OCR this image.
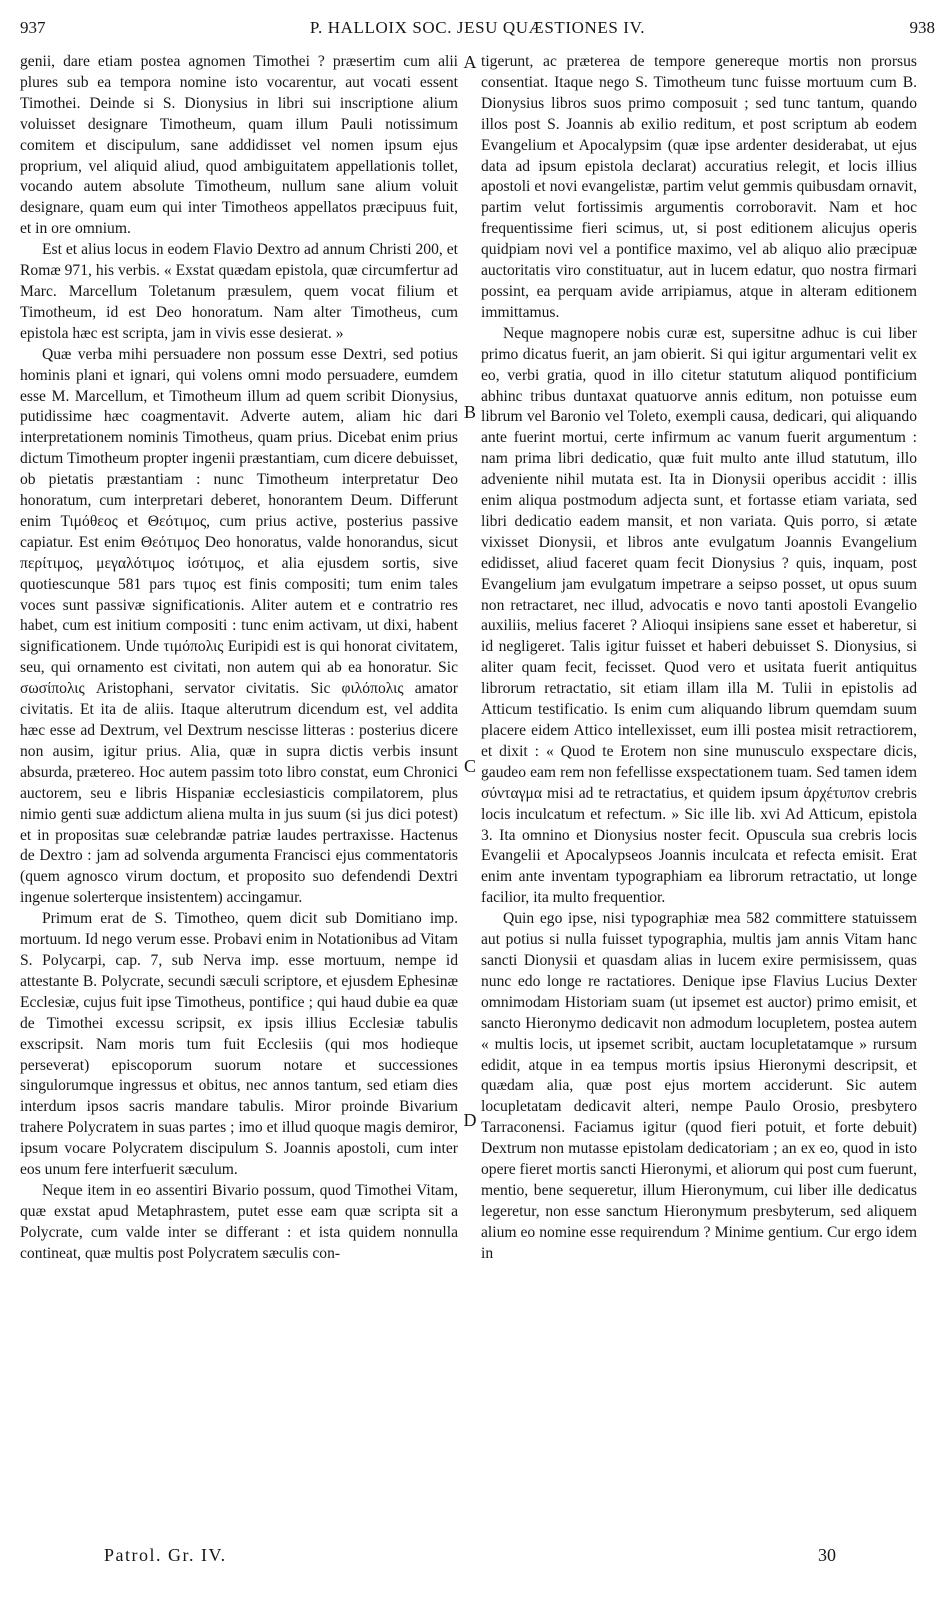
937	P. HALLOIX SOC. JESU QUÆSTIONES IV.	938

genii, dare etiam postea agnomen Timothei ? præsertim cum alii plures sub ea tempora nomine isto vocarentur, aut vocati essent Timothei. Deinde si S. Dionysius in libri sui inscriptione alium voluisset designare Timotheum, quam illum Pauli notissimum comitem et discipulum, sane addidisset vel nomen ipsum ejus proprium, vel aliquid aliud, quod ambiguitatem appellationis tollet, vocando autem absolute Timotheum, nullum sane alium voluit designare, quam eum qui inter Timotheos appellatos præcipuus fuit, et in ore omnium.

Est et alius locus in eodem Flavio Dextro ad annum Christi 200, et Romæ 971, his verbis. « Exstat quædam epistola, quæ circumfertur ad Marc. Marcellum Toletanum præsulem, quem vocat filium et Timotheum, id est Deo honoratum. Nam alter Timotheus, cum epistola hæc est scripta, jam in vivis esse desierat. »

Quæ verba mihi persuadere non possum esse Dextri, sed potius hominis plani et ignari, qui volens omni modo persuadere, eumdem esse M. Marcellum, et Timotheum illum ad quem scribit Dionysius, putidissime hæc coagmentavit. Adverte autem, aliam hic dari interpretationem nominis Timotheus, quam prius. Dicebat enim prius dictum Timotheum propter ingenii præstantiam, cum dicere debuisset, ob pietatis præstantiam : nunc Timotheum interpretatur Deo honoratum, cum interpretari deberet, honorantem Deum. Differunt enim Τιμόθεος et Θεότιμος, cum prius active, posterius passive capiatur. Est enim Θεότιμος Deo honoratus, valde honorandus, sicut περίτιμος, μεγαλότιμος ἰσότιμος, et alia ejusdem sortis, sive quotiescunque 581 pars τιμος est finis compositi; tum enim tales voces sunt passivæ significationis. Aliter autem et e contratrio res habet, cum est initium compositi : tunc enim activam, ut dixi, habent significationem. Unde τιμόπολις Euripidi est is qui honorat civitatem, seu, qui ornamento est civitati, non autem qui ab ea honoratur. Sic σωσίπολις Aristophani, servator civitatis. Sic φιλόπολις amator civitatis. Et ita de aliis. Itaque alterutrum dicendum est, vel addita hæc esse ad Dextrum, vel Dextrum nescisse litteras : posterius dicere non ausim, igitur prius. Alia, quæ in supra dictis verbis insunt absurda, prætereo. Hoc autem passim toto libro constat, eum Chronici auctorem, seu e libris Hispaniæ ecclesiasticis compilatorem, plus nimio genti suæ addictum aliena multa in jus suum (si jus dici potest) et in propositas suæ celebrandæ patriæ laudes pertraxisse. Hactenus de Dextro : jam ad solvenda argumenta Francisci ejus commentatoris (quem agnosco virum doctum, et proposito suo defendendi Dextri ingenue solerterque insistentem) accingamur.

Primum erat de S. Timotheo, quem dicit sub Domitiano imp. mortuum. Id nego verum esse. Probavi enim in Notationibus ad Vitam S. Polycarpi, cap. 7, sub Nerva imp. esse mortuum, nempe id attestante B. Polycrate, secundi sæculi scriptore, et ejusdem Ephesinæ Ecclesiæ, cujus fuit ipse Timotheus, pontifice ; qui haud dubie ea quæ de Timothei excessu scripsit, ex ipsis illius Ecclesiæ tabulis exscripsit. Nam moris tum fuit Ecclesiis (qui mos hodieque perseverat) episcoporum suorum notare et successiones singulorumque ingressus et obitus, nec annos tantum, sed etiam dies interdum ipsos sacris mandare tabulis. Miror proinde Bivarium trahere Polycratem in suas partes ; imo et illud quoque magis demiror, ipsum vocare Polycratem discipulum S. Joannis apostoli, cum inter eos unum fere interfuerit sæculum.

Neque item in eo assentiri Bivario possum, quod Timothei Vitam, quæ exstat apud Metaphrastem, putet esse eam quæ scripta sit a Polycrate, cum valde inter se differant : et ista quidem nonnulla contineat, quæ multis post Polycratem sæculis con-

A
B
C
D

tigerunt, ac præterea de tempore genereque mortis non prorsus consentiat. Itaque nego S. Timotheum tunc fuisse mortuum cum B. Dionysius libros suos primo composuit ; sed tunc tantum, quando illos post S. Joannis ab exilio reditum, et post scriptum ab eodem Evangelium et Apocalypsim (quæ ipse ardenter desiderabat, ut ejus data ad ipsum epistola declarat) accuratius relegit, et locis illius apostoli et novi evangelistæ, partim velut gemmis quibusdam ornavit, partim velut fortissimis argumentis corroboravit. Nam et hoc frequentissime fieri scimus, ut, si post editionem alicujus operis quidpiam novi vel a pontifice maximo, vel ab aliquo alio præcipuæ auctoritatis viro constituatur, aut in lucem edatur, quo nostra firmari possint, ea perquam avide arripiamus, atque in alteram editionem immittamus.

Neque magnopere nobis curæ est, supersitne adhuc is cui liber primo dicatus fuerit, an jam obierit. Si qui igitur argumentari velit ex eo, verbi gratia, quod in illo citetur statutum aliquod pontificium abhinc tribus duntaxat quatuorve annis editum, non potuisse eum librum vel Baronio vel Toleto, exempli causa, dedicari, qui aliquando ante fuerint mortui, certe infirmum ac vanum fuerit argumentum : nam prima libri dedicatio, quæ fuit multo ante illud statutum, illo adveniente nihil mutata est. Ita in Dionysii operibus accidit : illis enim aliqua postmodum adjecta sunt, et fortasse etiam variata, sed libri dedicatio eadem mansit, et non variata. Quis porro, si ætate vixisset Dionysii, et libros ante evulgatum Joannis Evangelium edidisset, aliud faceret quam fecit Dionysius ? quis, inquam, post Evangelium jam evulgatum impetrare a seipso posset, ut opus suum non retractaret, nec illud, advocatis e novo tanti apostoli Evangelio auxiliis, melius faceret ? Alioqui insipiens sane esset et haberetur, si id negligeret. Talis igitur fuisset et haberi debuisset S. Dionysius, si aliter quam fecit, fecisset. Quod vero et usitata fuerit antiquitus librorum retractatio, sit etiam illam illa M. Tulii in epistolis ad Atticum testificatio. Is enim cum aliquando librum quemdam suum placere eidem Attico intellexisset, eum illi postea misit retractiorem, et dixit : « Quod te Erotem non sine munusculo exspectare dicis, gaudeo eam rem non fefellisse exspectationem tuam. Sed tamen idem σύνταγμα misi ad te retractatius, et quidem ipsum ἀρχέτυπον crebris locis inculcatum et refectum. » Sic ille lib. xvi Ad Atticum, epistola 3. Ita omnino et Dionysius noster fecit. Opuscula sua crebris locis Evangelii et Apocalypseos Joannis inculcata et refecta emisit. Erat enim ante inventam typographiam ea librorum retractatio, ut longe facilior, ita multo frequentior.

Quin ego ipse, nisi typographiæ mea 582 committere statuissem aut potius si nulla fuisset typographia, multis jam annis Vitam hanc sancti Dionysii et quasdam alias in lucem exire permisissem, quas nunc edo longe re ractatiores. Denique ipse Flavius Lucius Dexter omnimodam Historiam suam (ut ipsemet est auctor) primo emisit, et sancto Hieronymo dedicavit non admodum locupletem, postea autem « multis locis, ut ipsemet scribit, auctam locupletatamque » rursum edidit, atque in ea tempus mortis ipsius Hieronymi descripsit, et quædam alia, quæ post ejus mortem acciderunt. Sic autem locupletatam dedicavit alteri, nempe Paulo Orosio, presbytero Tarraconensi. Faciamus igitur (quod fieri potuit, et forte debuit) Dextrum non mutasse epistolam dedicatoriam ; an ex eo, quod in isto opere fieret mortis sancti Hieronymi, et aliorum qui post cum fuerunt, mentio, bene sequeretur, illum Hieronymum, cui liber ille dedicatus legeretur, non esse sanctum Hieronymum presbyterum, sed aliquem alium eo nomine esse requirendum ? Minime gentium. Cur ergo idem in

Patrol. Gr. IV.	30
